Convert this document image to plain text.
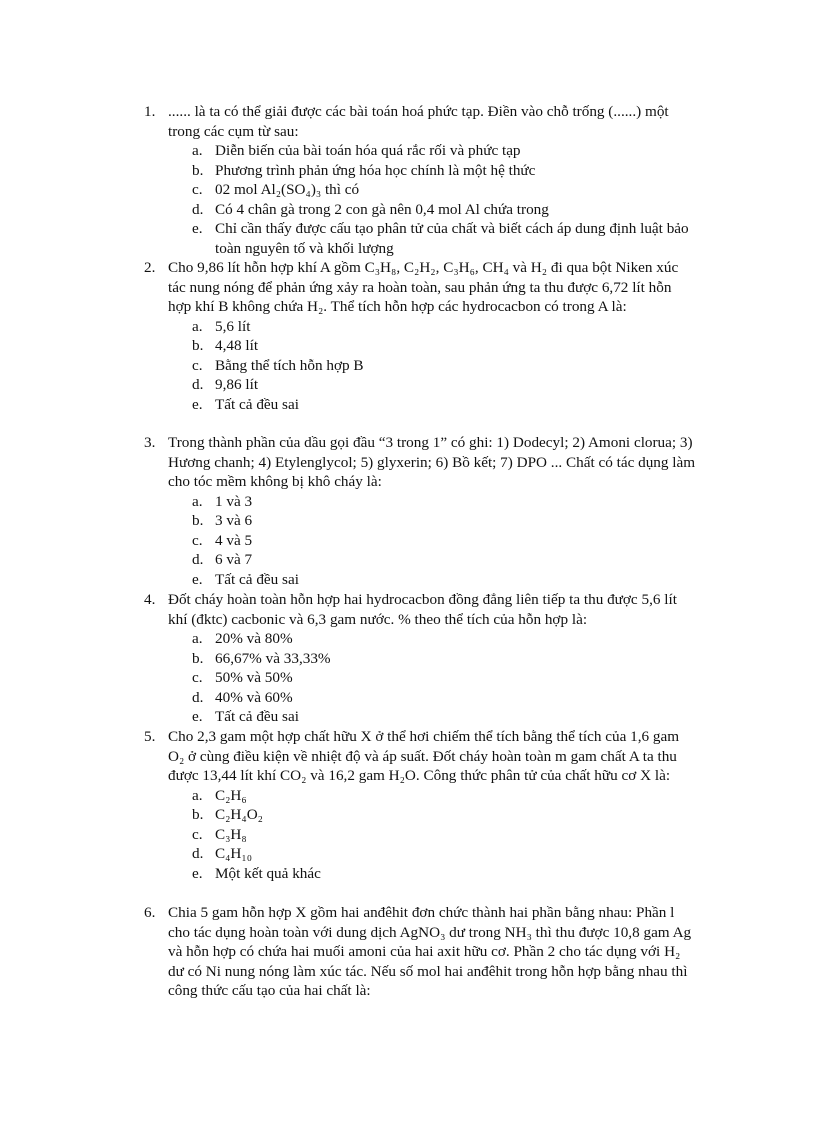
1. ...... là ta có thể giải được các bài toán hoá phức tạp. Điền vào chỗ trống (......) một trong các cụm từ sau:

a. Diễn biến của bài toán hóa quá rắc rối và phức tạp
b. Phương trình phản ứng hóa học chính là một hệ thức
c. 02 mol Al₂(SO₄)₃ thì có
d. Có 4 chân gà trong 2 con gà nên 0,4 mol Al chứa trong
e. Chỉ cần thấy được cấu tạo phân tử của chất và biết cách áp dung định luật bảo toàn nguyên tố và khối lượng
2. Cho 9,86 lít hỗn hợp khí A gồm C₃H₈, C₂H₂, C₃H₆, CH₄ và H₂ đi qua bột Niken xúc tác nung nóng để phản ứng xảy ra hoàn toàn, sau phản ứng ta thu được 6,72 lít hỗn hợp khí B không chứa H₂. Thể tích hỗn hợp các hydrocacbon có trong A là:

a. 5,6 lít
b. 4,48 lít
c. Bằng thể tích hỗn hợp B
d. 9,86 lít
e. Tất cả đều sai
3. Trong thành phần của dầu gọi đầu “3 trong 1” có ghi: 1) Dodecyl; 2) Amoni clorua; 3) Hương chanh; 4) Etylenglycol; 5) glyxerin; 6) Bồ kết; 7) DPO ... Chất có tác dụng làm cho tóc mềm không bị khô cháy là:

a. 1 và 3
b. 3 và 6
c. 4 và 5
d. 6 và 7
e. Tất cả đều sai
4. Đốt cháy hoàn toàn hỗn hợp hai hydrocacbon đồng đẳng liên tiếp ta thu được 5,6 lít khí (đktc) cacbonic và 6,3 gam nước. % theo thể tích của hỗn hợp là:

a. 20% và 80%
b. 66,67% và 33,33%
c. 50% và 50%
d. 40% và 60%
e. Tất cả đều sai
5. Cho 2,3 gam một hợp chất hữu X ở thể hơi chiếm thể tích bằng thể tích của 1,6 gam O₂ ở cùng điều kiện về nhiệt độ và áp suất. Đốt cháy hoàn toàn m gam chất A ta thu được 13,44 lít khí CO₂ và 16,2 gam H₂O. Công thức phân tử của chất hữu cơ X là:

a. C₂H₆
b. C₂H₄O₂
c. C₃H₈
d. C₄H₁₀
e. Một kết quả khác
6. Chia 5 gam hỗn hợp X gồm hai anđêhit đơn chức thành hai phần bằng nhau: Phần l cho tác dụng hoàn toàn với dung dịch AgNO₃ dư trong NH₃ thì thu được 10,8 gam Ag và hỗn hợp có chứa hai muối amoni của hai axit hữu cơ. Phần 2 cho tác dụng với H₂ dư có Ni nung nóng làm xúc tác. Nếu số mol hai anđêhit trong hỗn hợp bằng nhau thì công thức cấu tạo của hai chất là:
